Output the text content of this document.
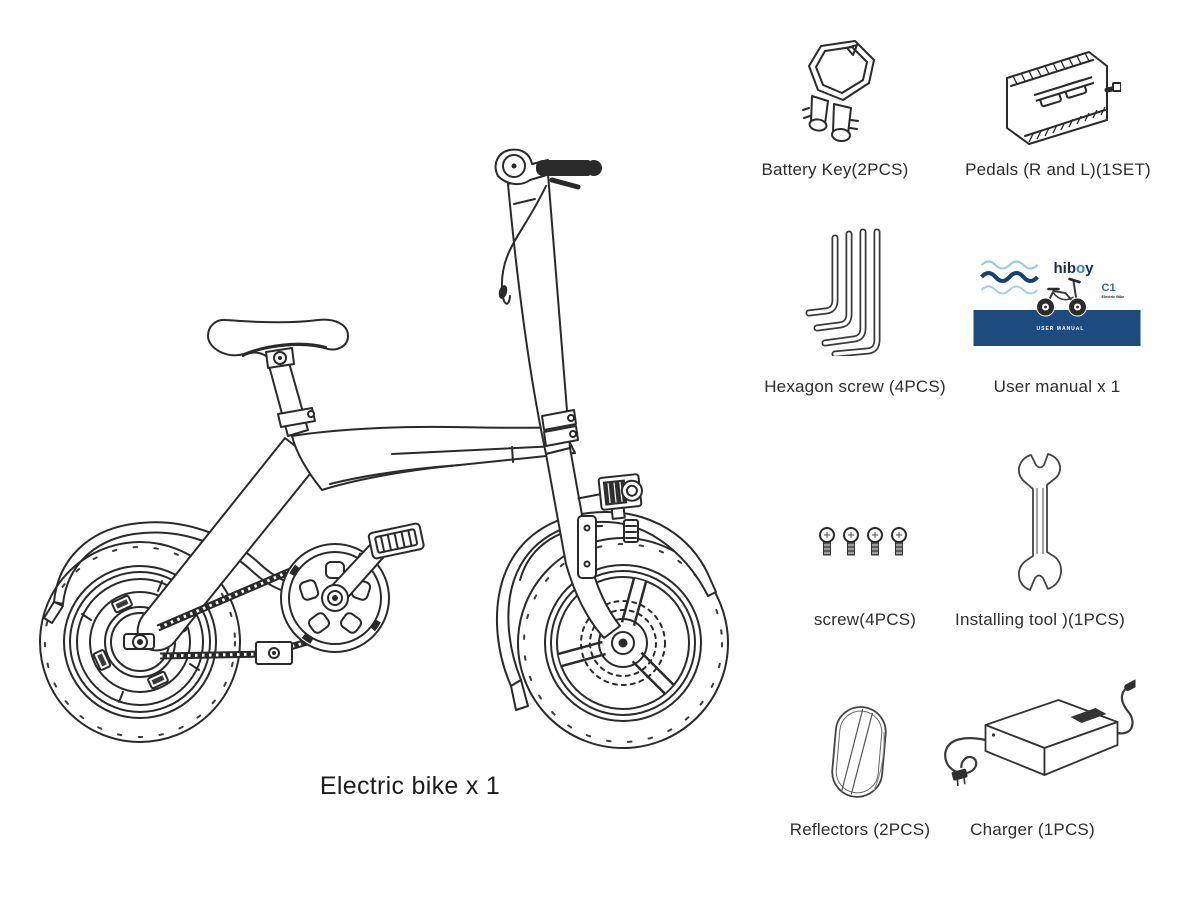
Electric bike x 1
Battery Key(2PCS)	Pedals (R and L)(1SET)
Hexagon screw (4PCS)
hiboy
C1
Electric Bike
USER MANUAL
User manual x 1
screw(4PCS)	Installing tool )(1PCS)
Reflectors (2PCS)	Charger (1PCS)
